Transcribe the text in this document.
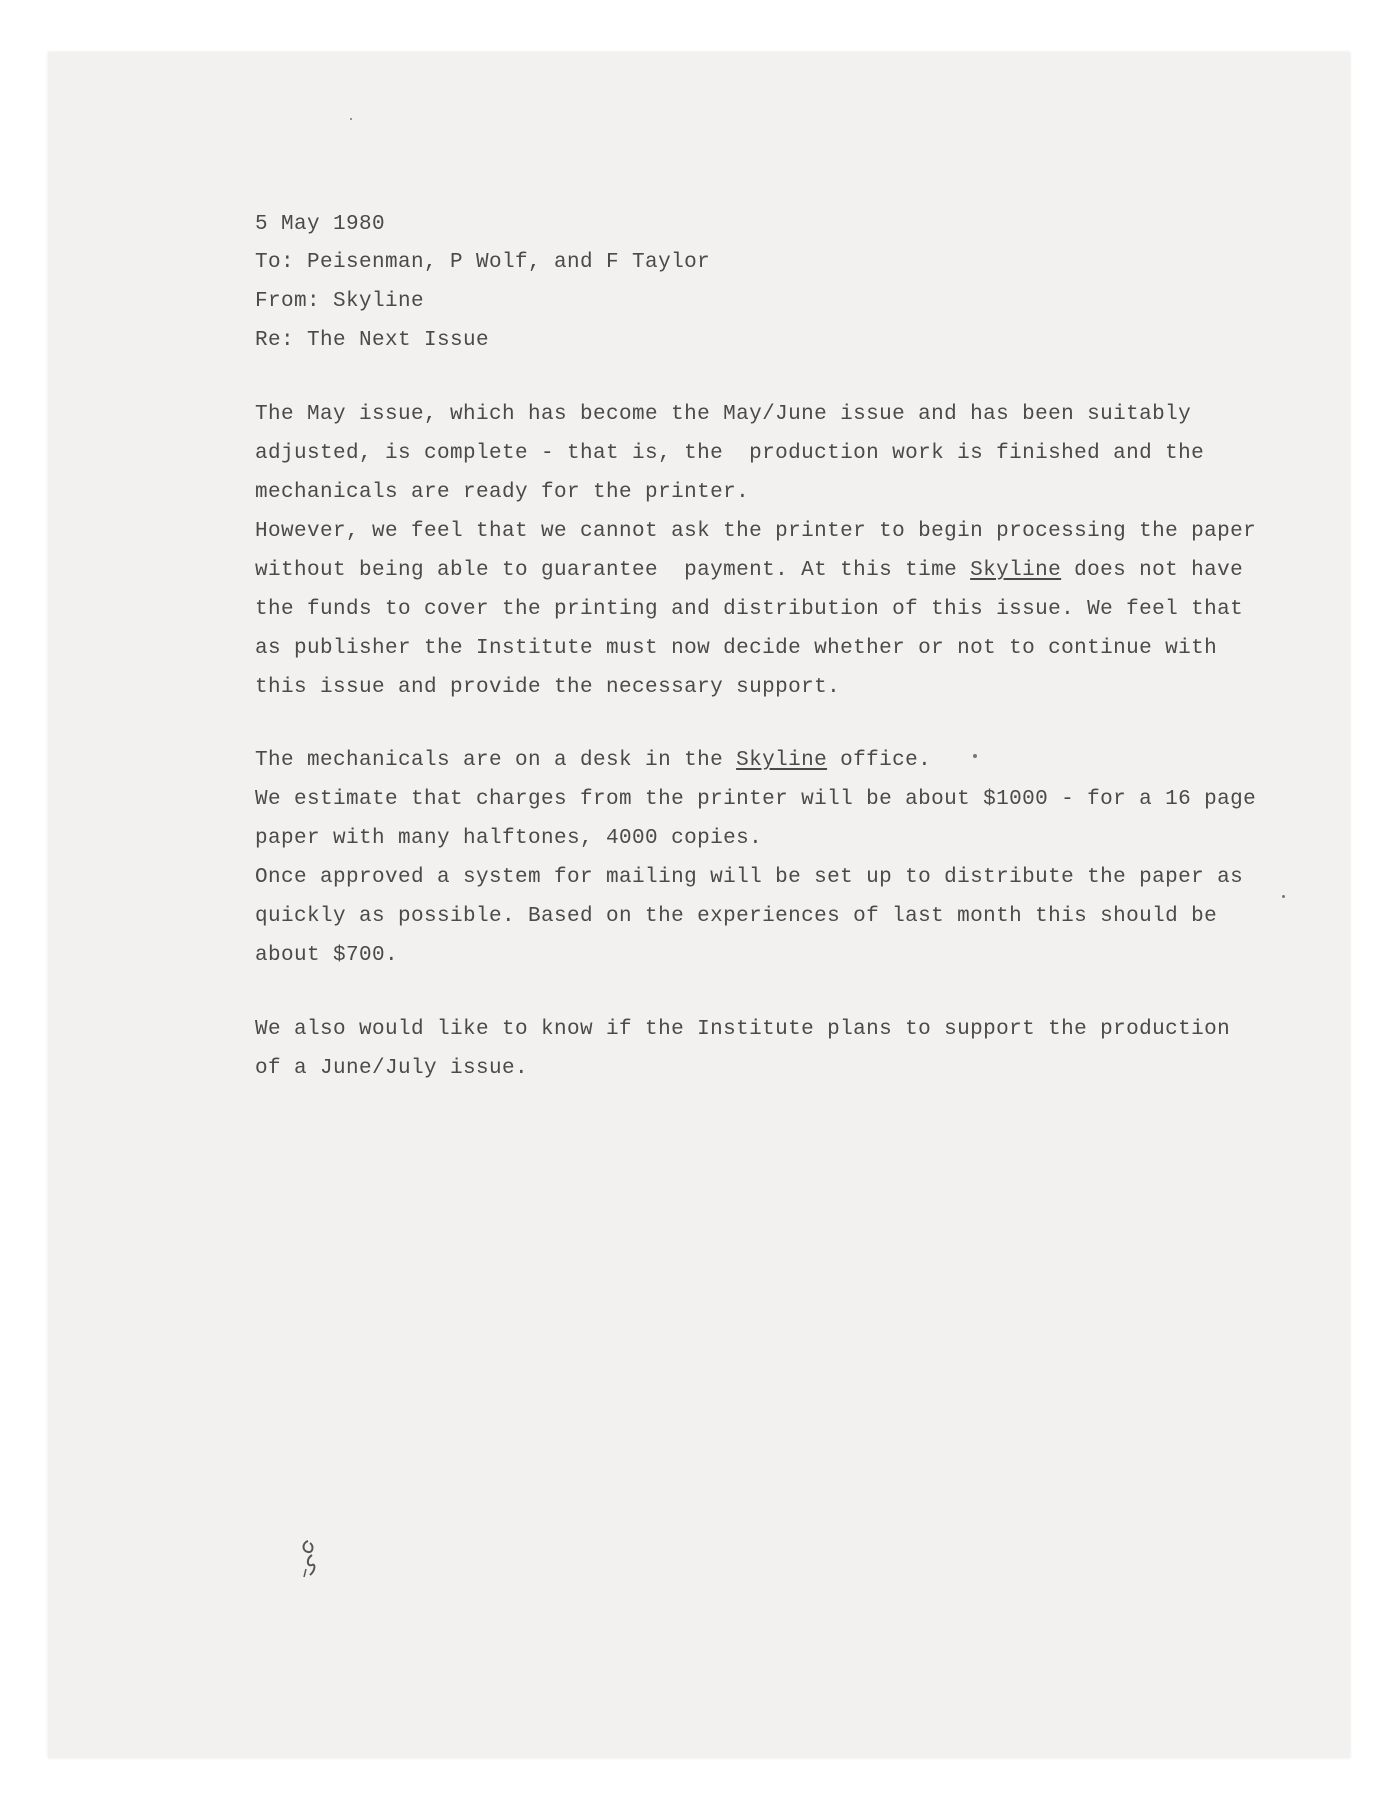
5 May 1980
To: Peisenman, P Wolf, and F Taylor
From: Skyline
Re: The Next Issue
The May issue, which has become the May/June issue and has been suitably
adjusted, is complete - that is, the  production work is finished and the
mechanicals are ready for the printer.
However, we feel that we cannot ask the printer to begin processing the paper
without being able to guarantee  payment. At this time Skyline does not have
the funds to cover the printing and distribution of this issue. We feel that
as publisher the Institute must now decide whether or not to continue with
this issue and provide the necessary support.
The mechanicals are on a desk in the Skyline office.
We estimate that charges from the printer will be about $1000 - for a 16 page
paper with many halftones, 4000 copies.
Once approved a system for mailing will be set up to distribute the paper as
quickly as possible. Based on the experiences of last month this should be
about $700.
We also would like to know if the Institute plans to support the production
of a June/July issue.
